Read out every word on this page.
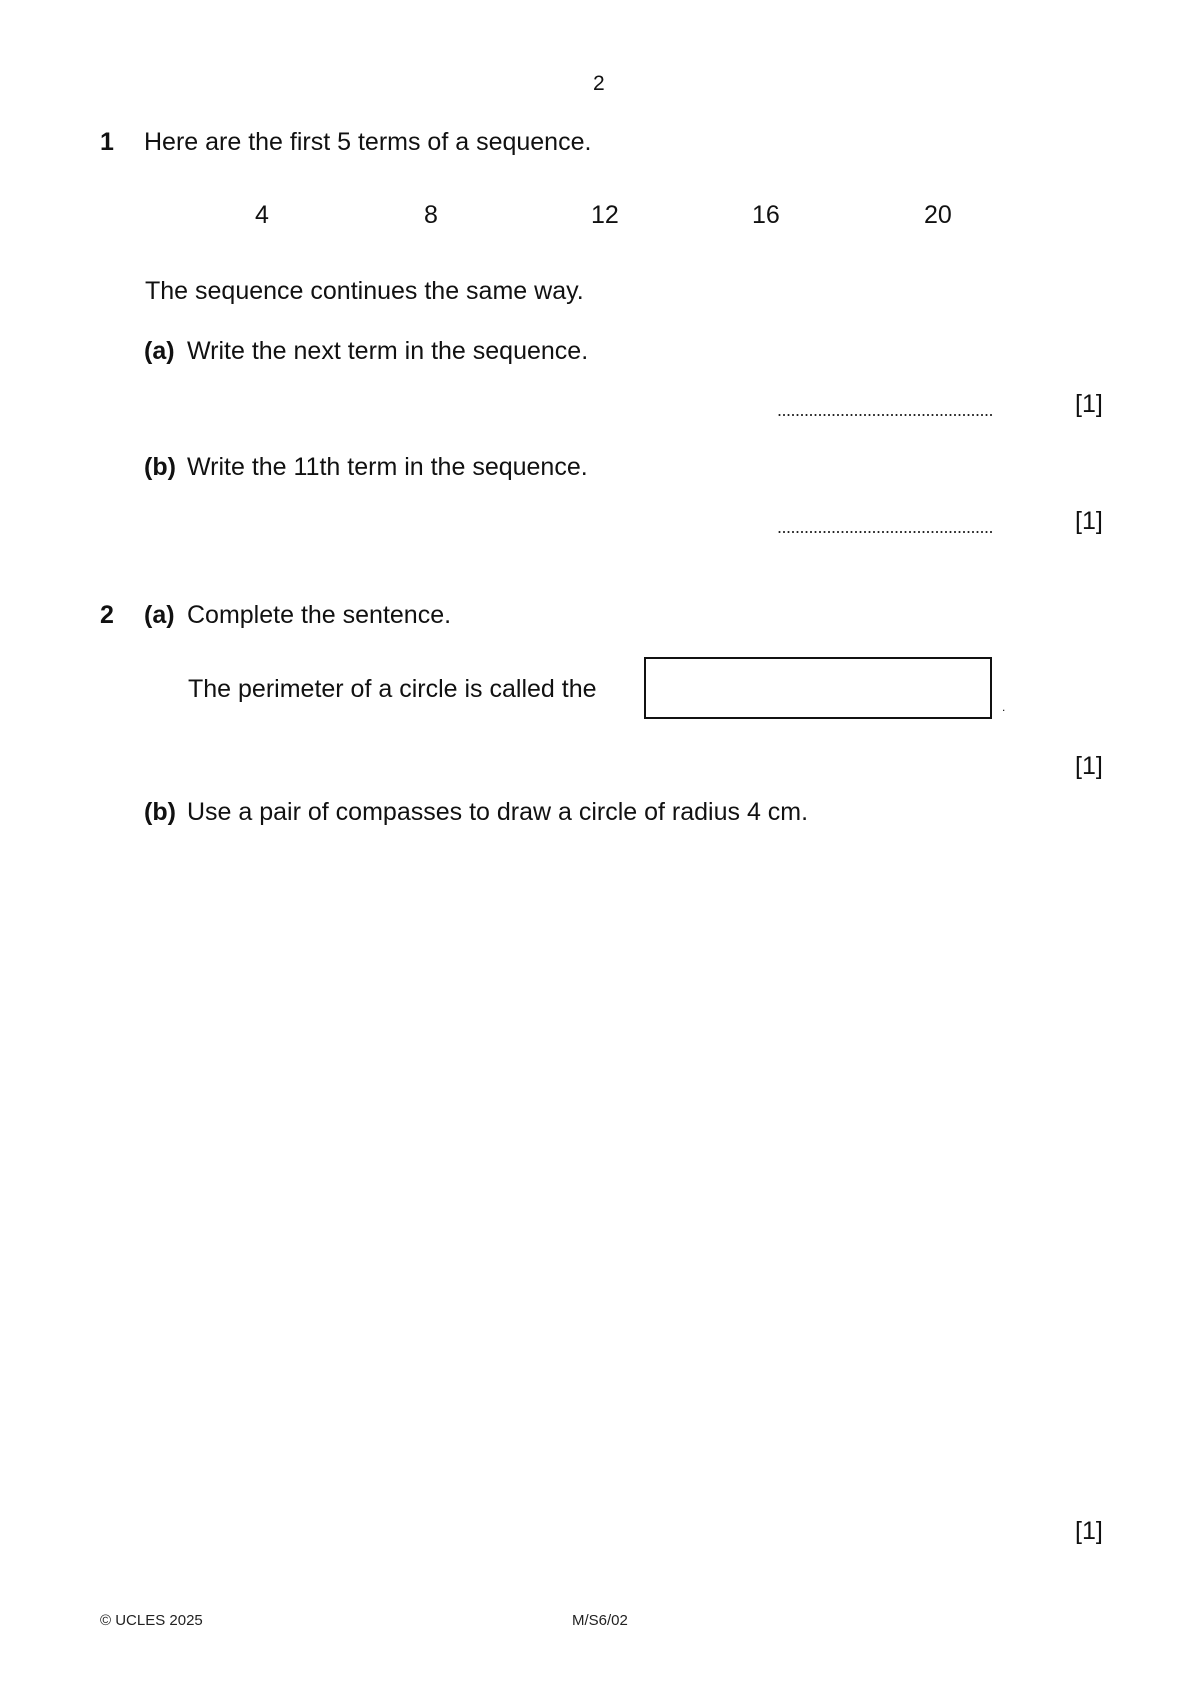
2
1 Here are the first 5 terms of a sequence.
4	8	12	16	20
The sequence continues the same way.
(a) Write the next term in the sequence.
................................................	[1]
(b) Write the 11th term in the sequence.
................................................	[1]
2 (a) Complete the sentence.
The perimeter of a circle is called the
.
[1]
(b) Use a pair of compasses to draw a circle of radius 4 cm.
[1]
© UCLES 2025	M/S6/02
